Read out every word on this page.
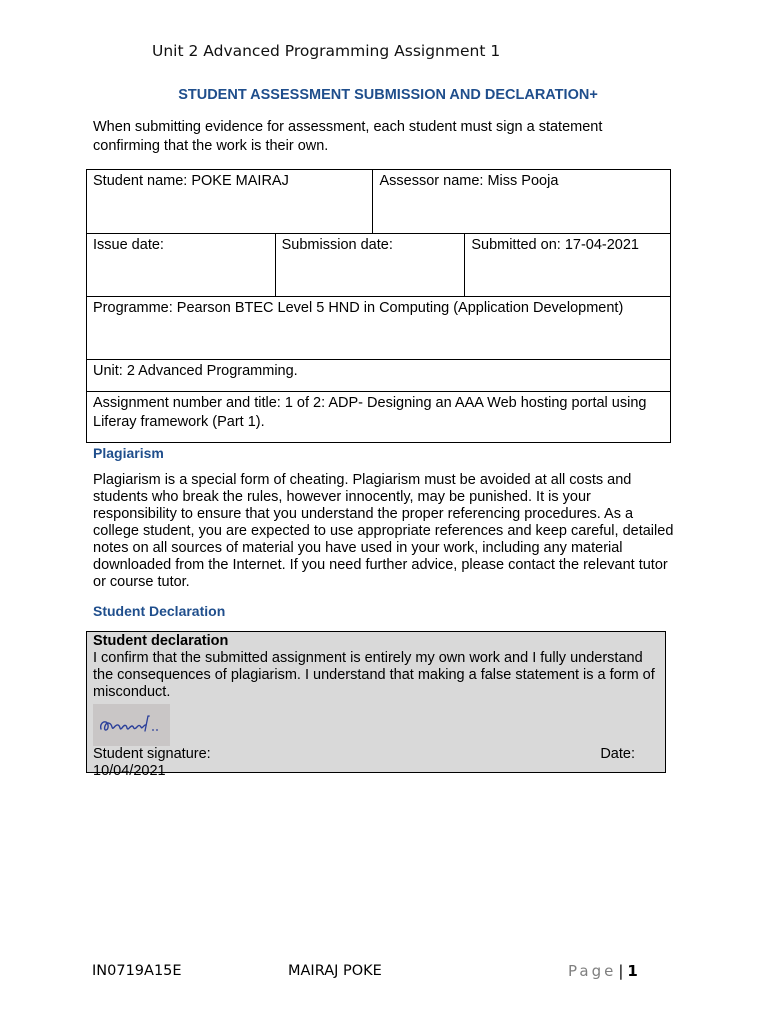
Unit 2 Advanced Programming Assignment 1
STUDENT ASSESSMENT SUBMISSION AND DECLARATION+
When submitting evidence for assessment, each student must sign a statement confirming that the work is their own.
Student name: POKE MAIRAJ		Assessor name: Miss Pooja	
Issue date:	Submission date:		Submitted on: 17-04-2021
Programme: Pearson BTEC Level 5 HND in Computing (Application Development)			
Unit: 2 Advanced Programming.			
Assignment number and title: 1 of 2: ADP- Designing an AAA Web hosting portal using Liferay framework (Part 1).			
Plagiarism
Plagiarism is a special form of cheating. Plagiarism must be avoided at all costs and students who break the rules, however innocently, may be punished. It is your responsibility to ensure that you understand the proper referencing procedures. As a college student, you are expected to use appropriate references and keep careful, detailed notes on all sources of material you have used in your work, including any material downloaded from the Internet. If you need further advice, please contact the relevant tutor or course tutor.
Student Declaration
Student declaration
I confirm that the submitted assignment is entirely my own work and I fully understand the consequences of plagiarism. I understand that making a false statement is a form of misconduct.
Student signature:	Date:
10/04/2021
IN0719A15E	MAIRAJ POKE	Page | 1
